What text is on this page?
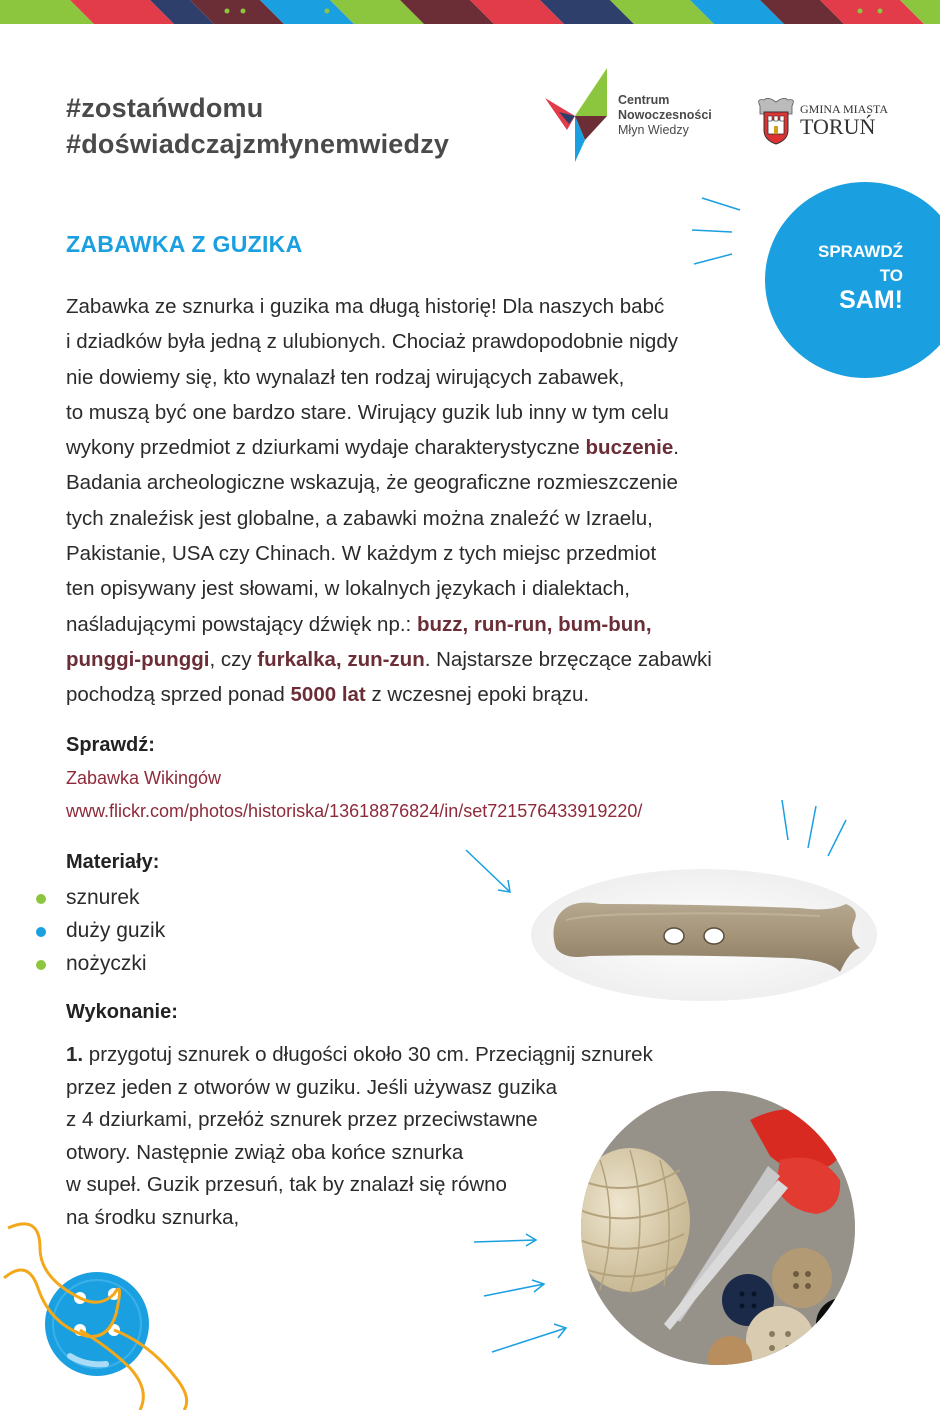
#zostańwdomu
#doświadczajzmłynemwiedzy
Centrum
Nowoczesności
Młyn Wiedzy
GMINA MIASTA
TORUŃ
SPRAWDŹ
TO
SAM!
ZABAWKA Z GUZIKA
Zabawka ze sznurka i guzika ma długą historię! Dla naszych babć
i dziadków była jedną z ulubionych. Chociaż prawdopodobnie nigdy
nie dowiemy się, kto wynalazł ten rodzaj wirujących zabawek,
to muszą być one bardzo stare. Wirujący guzik lub inny w tym celu
wykony przedmiot z dziurkami wydaje charakterystyczne buczenie.
Badania archeologiczne wskazują, że geograficzne rozmieszczenie
tych znaleźisk jest globalne, a zabawki można znaleźć w Izraelu,
Pakistanie, USA czy Chinach. W każdym z tych miejsc przedmiot
ten opisywany jest słowami, w lokalnych językach i dialektach,
naśladującymi powstający dźwięk np.: buzz, run-run, bum-bun,
punggi-punggi, czy furkalka, zun-zun. Najstarsze brzęczące zabawki
pochodzą sprzed ponad 5000 lat z wczesnej epoki brązu.
Sprawdź:
Zabawka Wikingów
www.flickr.com/photos/historiska/13618876824/in/set72157643391922​0/
Materiały:
sznurek
duży guzik
nożyczki
Wykonanie:
1. przygotuj sznurek o długości około 30 cm. Przeciągnij sznurek
przez jeden z otworów w guziku. Jeśli używasz guzika
z 4 dziurkami, przełóż sznurek przez przeciwstawne
otwory. Następnie zwiąż oba końce sznurka
w supeł. Guzik przesuń, tak by znalazł się równo
na środku sznurka,
